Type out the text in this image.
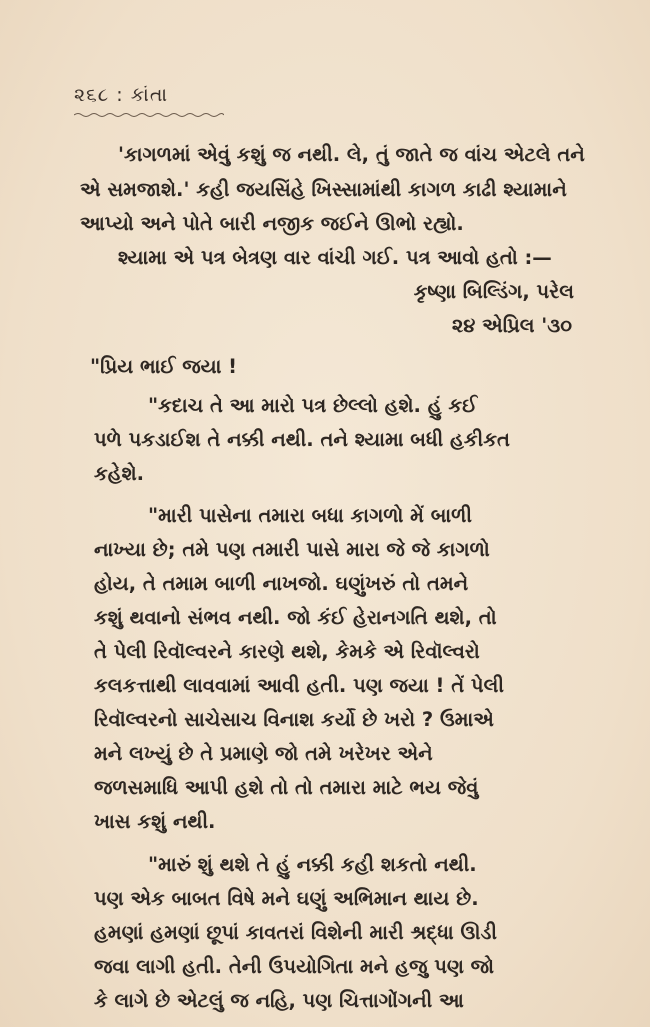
૨૬૮ : કાંતા
'કાગળમાં એવું કશું જ નથી. લે, તું જાતે જ વાંચ એટલે તને
એ સમજાશે.' કહી જયસિંહે ખિસ્સામાંથી કાગળ કાઢી શ્યામાને
આપ્યો અને પોતે બારી નજીક જઈને ઊભો રહ્યો.
શ્યામા એ પત્ર બેત્રણ વાર વાંચી ગઈ. પત્ર આવો હતો :—
કૃષ્ણા બિલ્ડિંગ, પરેલ
૨૪ એપ્રિલ '૩૦
"પ્રિય ભાઈ જયા !
"કદાચ તે આ મારો પત્ર છેલ્લો હશે. હું કઈ
પળે પકડાઈશ તે નક્કી નથી. તને શ્યામા બધી હકીકત
કહેશે.
"મારી પાસેના તમારા બધા કાગળો મેં બાળી
નાખ્યા છે; તમે પણ તમારી પાસે મારા જે જે કાગળો
હોય, તે તમામ બાળી નાખજો. ઘણુંખરું તો તમને
કશું થવાનો સંભવ નથી. જો કંઈ હેરાનગતિ થશે, તો
તે પેલી રિવૉલ્વરને કારણે થશે, કેમકે એ રિવૉલ્વરો
કલકત્તાથી લાવવામાં આવી હતી. પણ જયા ! તેં પેલી
રિવૉલ્વરનો સાચેસાચ વિનાશ કર્યો છે ખરો ? ઉમાએ
મને લખ્યું છે તે પ્રમાણે જો તમે ખરેખર એને
જળસમાધિ આપી હશે તો તો તમારા માટે ભય જેવું
ખાસ કશું નથી.
"મારું શું થશે તે હું નક્કી કહી શકતો નથી.
પણ એક બાબત વિષે મને ઘણું અભિમાન થાય છે.
હમણાં હમણાં છૂપાં કાવતરાં વિશેની મારી શ્રદ્ધા ઊડી
જવા લાગી હતી. તેની ઉપયોગિતા મને હજુ પણ જો
કે લાગે છે એટલું જ નહિ, પણ ચિત્તાગોંગની આ
